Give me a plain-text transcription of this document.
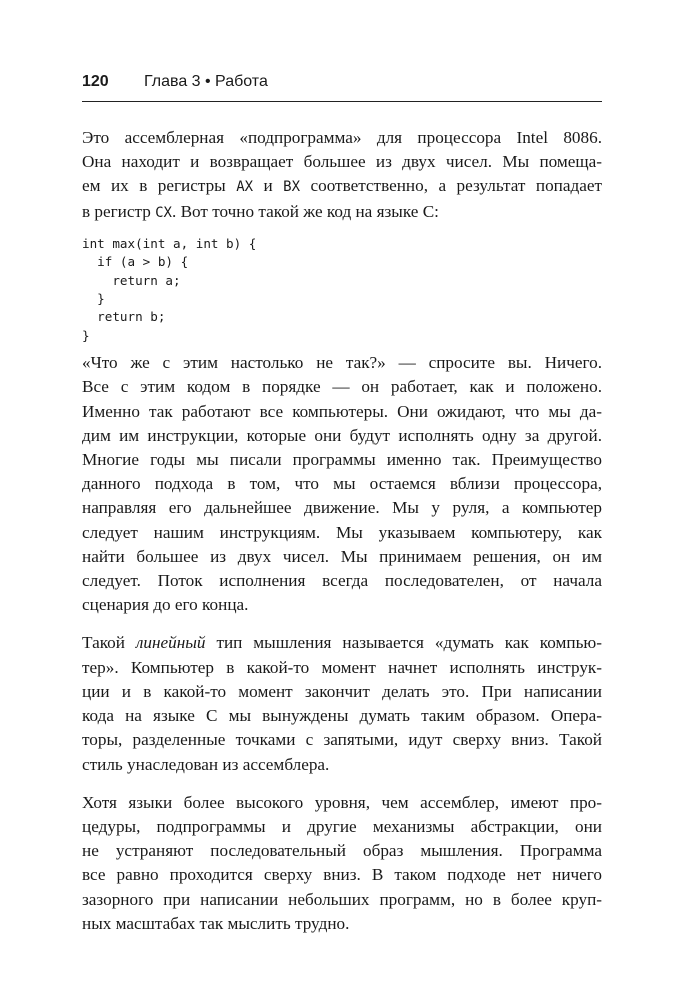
120	Глава 3 • Работа

Это ассемблерная «подпрограмма» для процессора Intel 8086.
Она находит и возвращает большее из двух чисел. Мы помеща-
ем их в регистры AX и BX соответственно, а результат попадает
в регистр CX. Вот точно такой же код на языке C:

int max(int a, int b) {
if (a > b) {
return a;
}
return b;
}

«Что же с этим настолько не так?» — спросите вы. Ничего.
Все с этим кодом в порядке — он работает, как и положено.
Именно так работают все компьютеры. Они ожидают, что мы да-
дим им инструкции, которые они будут исполнять одну за другой.
Многие годы мы писали программы именно так. Преимущество
данного подхода в том, что мы остаемся вблизи процессора,
направляя его дальнейшее движение. Мы у руля, а компьютер
следует нашим инструкциям. Мы указываем компьютеру, как
найти большее из двух чисел. Мы принимаем решения, он им
следует. Поток исполнения всегда последователен, от начала
сценария до его конца.

Такой линейный тип мышления называется «думать как компью-
тер». Компьютер в какой-то момент начнет исполнять инструк-
ции и в какой-то момент закончит делать это. При написании
кода на языке C мы вынуждены думать таким образом. Опера-
торы, разделенные точками с запятыми, идут сверху вниз. Такой
стиль унаследован из ассемблера.

Хотя языки более высокого уровня, чем ассемблер, имеют про-
цедуры, подпрограммы и другие механизмы абстракции, они
не устраняют последовательный образ мышления. Программа
все равно проходится сверху вниз. В таком подходе нет ничего
зазорного при написании небольших программ, но в более круп-
ных масштабах так мыслить трудно.
